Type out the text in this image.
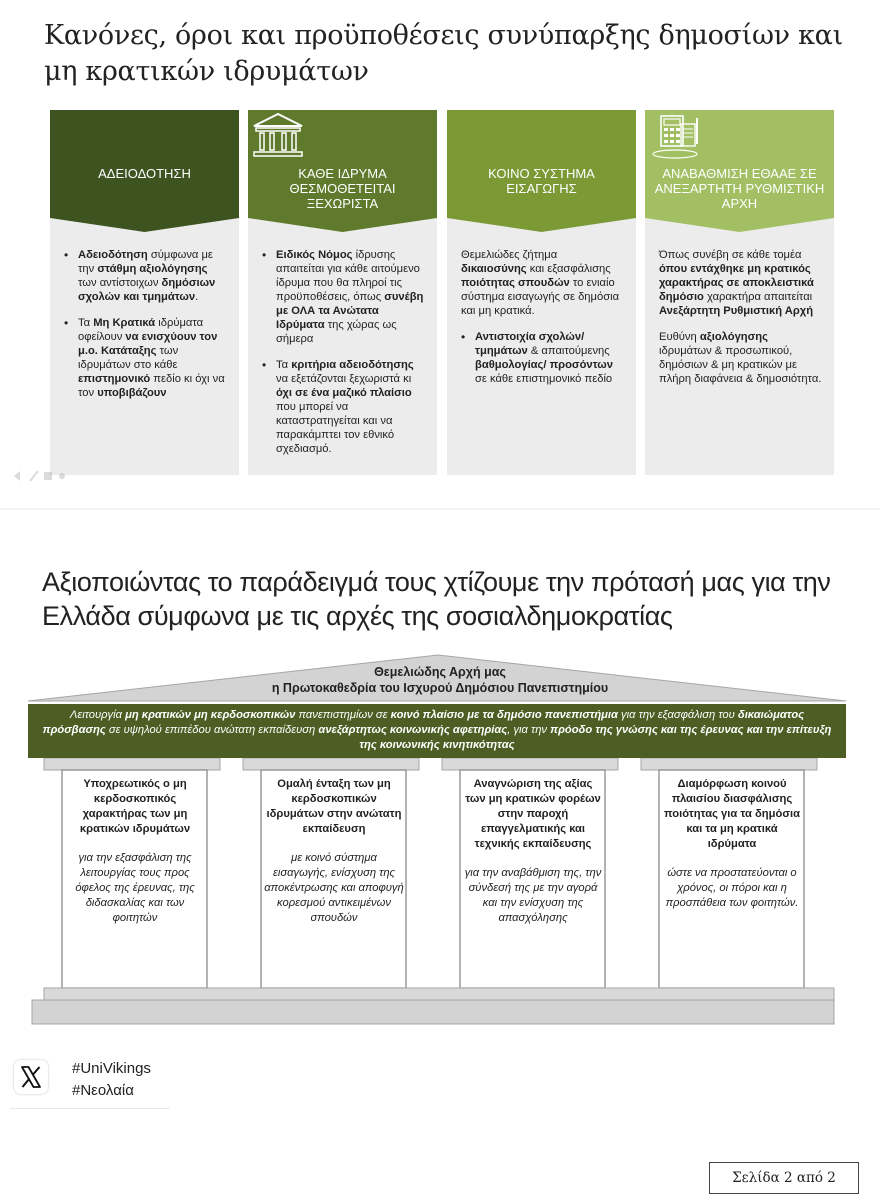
Κανόνες, όροι και προϋποθέσεις συνύπαρξης δημοσίων και μη κρατικών ιδρυμάτων
ΑΔΕΙΟΔΟΤΗΣΗ
• Αδειοδότηση σύμφωνα με την στάθμη αξιολόγησης των αντίστοιχων δημόσιων σχολών και τμημάτων.
• Τα Μη Κρατικά ιδρύματα οφείλουν να ενισχύουν τον μ.ο. Κατάταξης των ιδρυμάτων στο κάθε επιστημονικό πεδίο κι όχι να τον υποβιβάζουν
ΚΑΘΕ ΙΔΡΥΜΑ ΘΕΣΜΟΘΕΤΕΙΤΑΙ ΞΕΧΩΡΙΣΤΑ
• Ειδικός Νόμος ίδρυσης απαιτείται για κάθε αιτούμενο ίδρυμα που θα πληροί τις προϋποθέσεις, όπως συνέβη με ΟΛΑ τα Ανώτατα Ιδρύματα της χώρας ως σήμερα
• Τα κριτήρια αδειοδότησης να εξετάζονται ξεχωριστά κι όχι σε ένα μαζικό πλαίσιο που μπορεί να καταστρατηγείται και να παρακάμπτει τον εθνικό σχεδιασμό.
ΚΟΙΝΟ ΣΥΣΤΗΜΑ ΕΙΣΑΓΩΓΗΣ

Θεμελιώδες ζήτημα δικαιοσύνης και εξασφάλισης ποιότητας σπουδών το ενιαίο σύστημα εισαγωγής σε δημόσια και μη κρατικά.

• Αντιστοιχία σχολών/τμημάτων & απαιτούμενης βαθμολογίας/ προσόντων σε κάθε επιστημονικό πεδίο
ΑΝΑΒΑΘΜΙΣΗ ΕΘΑΑΕ ΣΕ ΑΝΕΞΑΡΤΗΤΗ ΡΥΘΜΙΣΤΙΚΗ ΑΡΧΗ

Όπως συνέβη σε κάθε τομέα όπου εντάχθηκε μη κρατικός χαρακτήρας σε αποκλειστικά δημόσιο χαρακτήρα απαιτείται Ανεξάρτητη Ρυθμιστική Αρχή

Ευθύνη αξιολόγησης ιδρυμάτων & προσωπικού, δημόσιων & μη κρατικών με πλήρη διαφάνεια & δημοσιότητα.

Αξιοποιώντας το παράδειγμά τους χτίζουμε την πρότασή μας για την Ελλάδα σύμφωνα με τις αρχές της σοσιαλδημοκρατίας
Θεμελιώδης Αρχή μας
η Πρωτοκαθεδρία του Ισχυρού Δημόσιου Πανεπιστημίου
Λειτουργία μη κρατικών μη κερδοσκοπικών πανεπιστημίων σε κοινό πλαίσιο με τα δημόσιο πανεπιστήμια για την εξασφάλιση του δικαιώματος πρόσβασης σε υψηλού επιπέδου ανώτατη εκπαίδευση ανεξάρτητως κοινωνικής αφετηρίας, για την πρόοδο της γνώσης και της έρευνας και την επίτευξη της κοινωνικής κινητικότητας
Υποχρεωτικός ο μη κερδοσκοπικός χαρακτήρας των μη κρατικών ιδρυμάτων
για την εξασφάλιση της λειτουργίας τους προς όφελος της έρευνας, της διδασκαλίας και των φοιτητών
Ομαλή ένταξη των μη κερδοσκοπικών ιδρυμάτων στην ανώτατη εκπαίδευση
με κοινό σύστημα εισαγωγής, ενίσχυση της αποκέντρωσης και αποφυγή κορεσμού αντικειμένων σπουδών
Αναγνώριση της αξίας των μη κρατικών φορέων στην παροχή επαγγελματικής και τεχνικής εκπαίδευσης
για την αναβάθμιση της, την σύνδεσή της με την αγορά και την ενίσχυση της απασχόλησης
Διαμόρφωση κοινού πλαισίου διασφάλισης ποιότητας για τα δημόσια και τα μη κρατικά ιδρύματα
ώστε να προστατεύονται ο χρόνος, οι πόροι και η προσπάθεια των φοιτητών.
#UniVikings
#Νεολαία
Σελίδα 2 από 2
